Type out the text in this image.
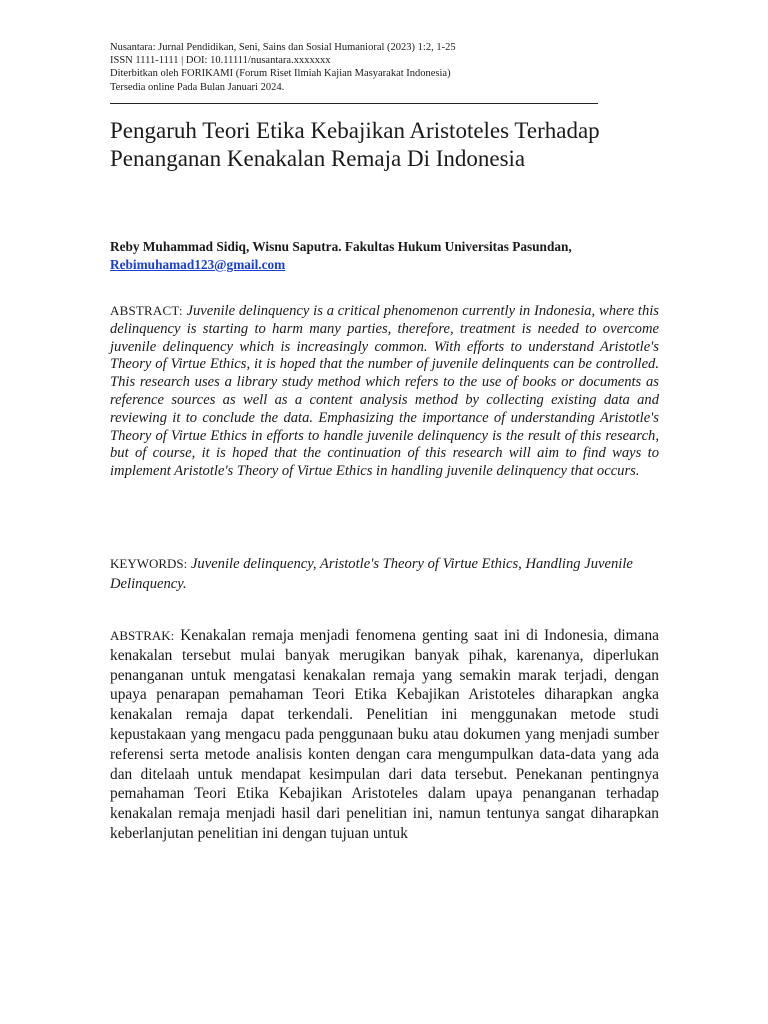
Nusantara: Jurnal Pendidikan, Seni, Sains dan Sosial Humanioral (2023) 1:2, 1-25
ISSN 1111-1111 | DOI: 10.11111/nusantara.xxxxxxx
Diterbitkan oleh FORIKAMI (Forum Riset Ilmiah Kajian Masyarakat Indonesia)
Tersedia online Pada Bulan Januari 2024.
Pengaruh Teori Etika Kebajikan Aristoteles Terhadap Penanganan Kenakalan Remaja Di Indonesia
Reby Muhammad Sidiq, Wisnu Saputra. Fakultas Hukum Universitas Pasundan,
Rebimuhamad123@gmail.com
ABSTRACT: Juvenile delinquency is a critical phenomenon currently in Indonesia, where this delinquency is starting to harm many parties, therefore, treatment is needed to overcome juvenile delinquency which is increasingly common. With efforts to understand Aristotle's Theory of Virtue Ethics, it is hoped that the number of juvenile delinquents can be controlled. This research uses a library study method which refers to the use of books or documents as reference sources as well as a content analysis method by collecting existing data and reviewing it to conclude the data. Emphasizing the importance of understanding Aristotle's Theory of Virtue Ethics in efforts to handle juvenile delinquency is the result of this research, but of course, it is hoped that the continuation of this research will aim to find ways to implement Aristotle's Theory of Virtue Ethics in handling juvenile delinquency that occurs.
KEYWORDS: Juvenile delinquency, Aristotle's Theory of Virtue Ethics, Handling Juvenile Delinquency.
ABSTRAK: Kenakalan remaja menjadi fenomena genting saat ini di Indonesia, dimana kenakalan tersebut mulai banyak merugikan banyak pihak, karenanya, diperlukan penanganan untuk mengatasi kenakalan remaja yang semakin marak terjadi, dengan upaya penarapan pemahaman Teori Etika Kebajikan Aristoteles diharapkan angka kenakalan remaja dapat terkendali. Penelitian ini menggunakan metode studi kepustakaan yang mengacu pada penggunaan buku atau dokumen yang menjadi sumber referensi serta metode analisis konten dengan cara mengumpulkan data-data yang ada dan ditelaah untuk mendapat kesimpulan dari data tersebut. Penekanan pentingnya pemahaman Teori Etika Kebajikan Aristoteles dalam upaya penanganan terhadap kenakalan remaja menjadi hasil dari penelitian ini, namun tentunya sangat diharapkan keberlanjutan penelitian ini dengan tujuan untuk
